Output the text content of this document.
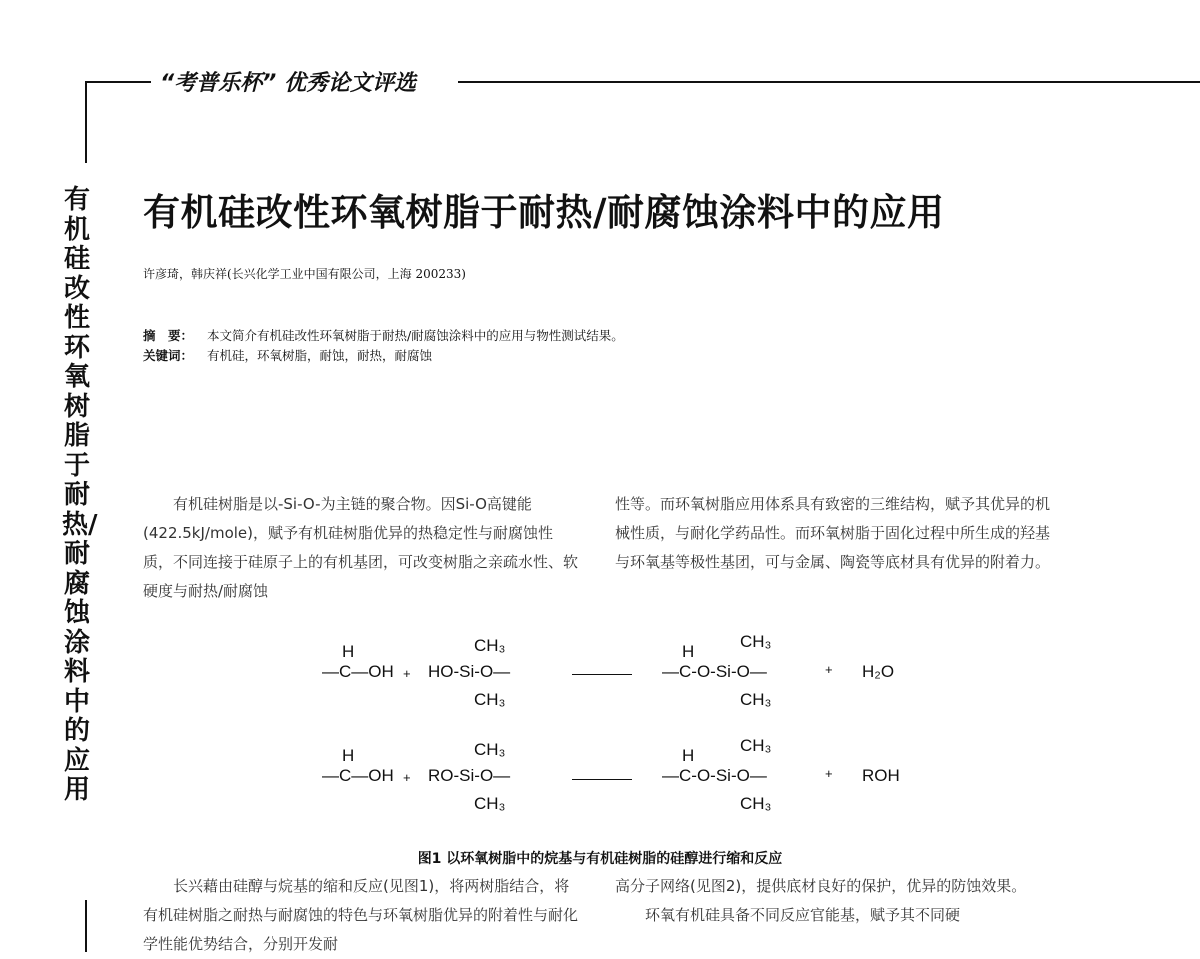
“考普乐杯” 优秀论文评选
有机硅改性环氧树脂于耐热/耐腐蚀涂料中的应用
有机硅改性环氧树脂于耐热/耐腐蚀涂料中的应用
许彦琦，韩庆祥(长兴化学工业中国有限公司，上海 200233)
摘　要： 本文简介有机硅改性环氧树脂于耐热/耐腐蚀涂料中的应用与物性测试结果。
关键词： 有机硅，环氧树脂，耐蚀，耐热，耐腐蚀

有机硅树脂是以-Si-O-为主链的聚合物。因Si-O高键能(422.5kJ/mole)，赋予有机硅树脂优异的热稳定性与耐腐蚀性质，不同连接于硅原子上的有机基团，可改变树脂之亲疏水性、软硬度与耐热/耐腐蚀

性等。而环氧树脂应用体系具有致密的三维结构，赋予其优异的机械性质，与耐化学药品性。而环氧树脂于固化过程中所生成的羟基与环氧基等极性基团，可与金属、陶瓷等底材具有优异的附着力。

H
—C—OH +
CH₃
HO-Si-O—
CH₃
H
CH₃
—C-O-Si-O—
CH₃
+ H₂O
H
—C—OH +
CH₃
RO-Si-O—
CH₃
H
CH₃
—C-O-Si-O—
CH₃
+ ROH
图1 以环氧树脂中的烷基与有机硅树脂的硅醇进行缩和反应

长兴藉由硅醇与烷基的缩和反应(见图1)，将两树脂结合，将有机硅树脂之耐热与耐腐蚀的特色与环氧树脂优异的附着性与耐化学性能优势结合，分别开发耐

高分子网络(见图2)，提供底材良好的保护，优异的防蚀效果。

环氧有机硅具备不同反应官能基，赋予其不同硬
